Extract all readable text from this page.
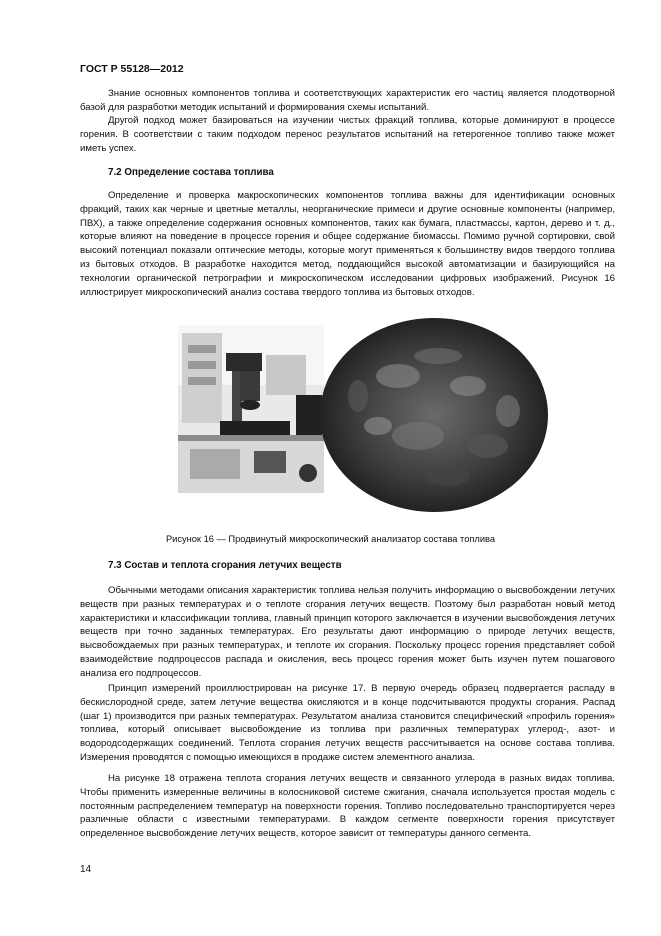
ГОСТ Р 55128—2012

Знание основных компонентов топлива и соответствующих характеристик его частиц является плодотворной базой для разработки методик испытаний и формирования схемы испытаний.

Другой подход может базироваться на изучении чистых фракций топлива, которые доминируют в процессе горения. В соответствии с таким подходом перенос результатов испытаний на гетерогенное топливо также может иметь успех.

7.2 Определение состава топлива

Определение и проверка макроскопических компонентов топлива важны для идентификации основных фракций, таких как черные и цветные металлы, неорганические примеси и другие основные компоненты (например, ПВХ), а также определение содержания основных компонентов, таких как бумага, пластмассы, картон, дерево и т. д., которые влияют на поведение в процессе горения и общее содержание биомассы. Помимо ручной сортировки, свой высокий потенциал показали оптические методы, которые могут применяться к большинству видов твердого топлива из бытовых отходов. В разработке находится метод, поддающийся высокой автоматизации и базирующийся на технологии органической петрографии и микроскопическом исследовании цифровых изображений. Рисунок 16 иллюстрирует микроскопический анализ состава твердого топлива из бытовых отходов.

Рисунок 16 — Продвинутый микроскопический анализатор состава топлива
7.3 Состав и теплота сгорания летучих веществ

Обычными методами описания характеристик топлива нельзя получить информацию о высвобождении летучих веществ при разных температурах и о теплоте сгорания летучих веществ. Поэтому был разработан новый метод характеристики и классификации топлива, главный принцип которого заключается в изучении высвобождения летучих веществ при точно заданных температурах. Его результаты дают информацию о природе летучих веществ, высвобождаемых при разных температурах, и теплоте их сгорания. Поскольку процесс горения представляет собой взаимодействие подпроцессов распада и окисления, весь процесс горения может быть изучен путем пошагового анализа его подпроцессов.

Принцип измерений проиллюстрирован на рисунке 17. В первую очередь образец подвергается распаду в бескислородной среде, затем летучие вещества окисляются и в конце подсчитываются продукты сгорания. Распад (шаг 1) производится при разных температурах. Результатом анализа становится специфический «профиль горения» топлива, который описывает высвобождение из топлива при различных температурах углерод-, азот- и водородсодержащих соединений. Теплота сгорания летучих веществ рассчитывается на основе состава топлива. Измерения проводятся с помощью имеющихся в продаже систем элементного анализа.

На рисунке 18 отражена теплота сгорания летучих веществ и связанного углерода в разных видах топлива. Чтобы применить измеренные величины в колосниковой системе сжигания, сначала используется простая модель с постоянным распределением температур на поверхности горения. Топливо последовательно транспортируется через различные области с известными температурами. В каждом сегменте поверхности горения присутствует определенное высвобождение летучих веществ, которое зависит от температуры данного сегмента.

14
